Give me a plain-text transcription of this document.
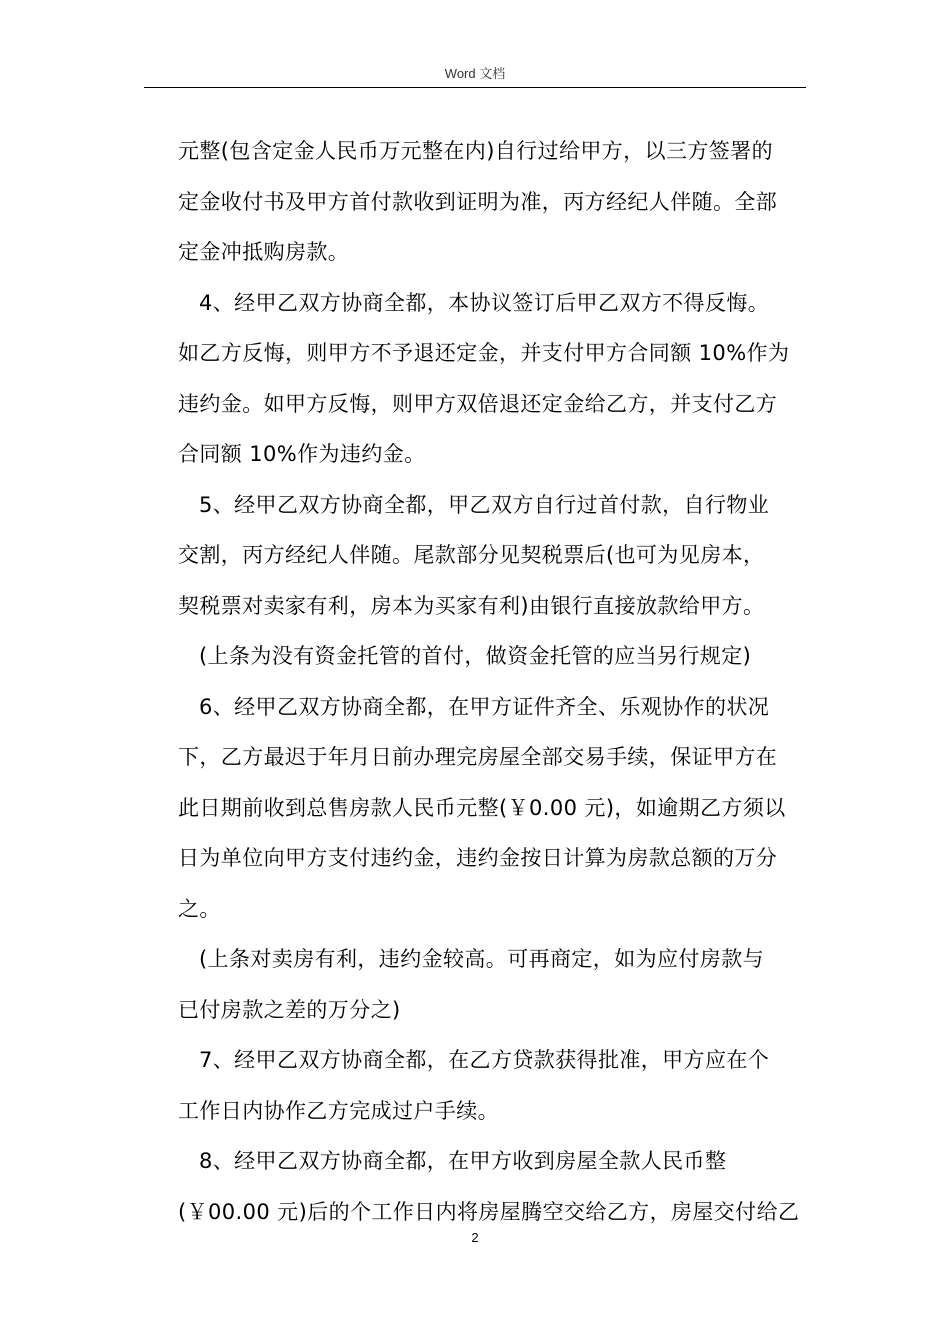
Word 文档
元整(包含定金人民币万元整在内)自行过给甲方，以三方签署的
定金收付书及甲方首付款收到证明为准，丙方经纪人伴随。全部
定金冲抵购房款。
4、经甲乙双方协商全都，本协议签订后甲乙双方不得反悔。
如乙方反悔，则甲方不予退还定金，并支付甲方合同额 10%作为
违约金。如甲方反悔，则甲方双倍退还定金给乙方，并支付乙方
合同额 10%作为违约金。
5、经甲乙双方协商全都，甲乙双方自行过首付款，自行物业
交割，丙方经纪人伴随。尾款部分见契税票后(也可为见房本，
契税票对卖家有利，房本为买家有利)由银行直接放款给甲方。
(上条为没有资金托管的首付，做资金托管的应当另行规定)
6、经甲乙双方协商全都，在甲方证件齐全、乐观协作的状况
下，乙方最迟于年月日前办理完房屋全部交易手续，保证甲方在
此日期前收到总售房款人民币元整(￥0.00 元)，如逾期乙方须以
日为单位向甲方支付违约金，违约金按日计算为房款总额的万分
之。
(上条对卖房有利，违约金较高。可再商定，如为应付房款与
已付房款之差的万分之)
7、经甲乙双方协商全都，在乙方贷款获得批准，甲方应在个
工作日内协作乙方完成过户手续。
8、经甲乙双方协商全都，在甲方收到房屋全款人民币整
(￥00.00 元)后的个工作日内将房屋腾空交给乙方，房屋交付给乙
2
